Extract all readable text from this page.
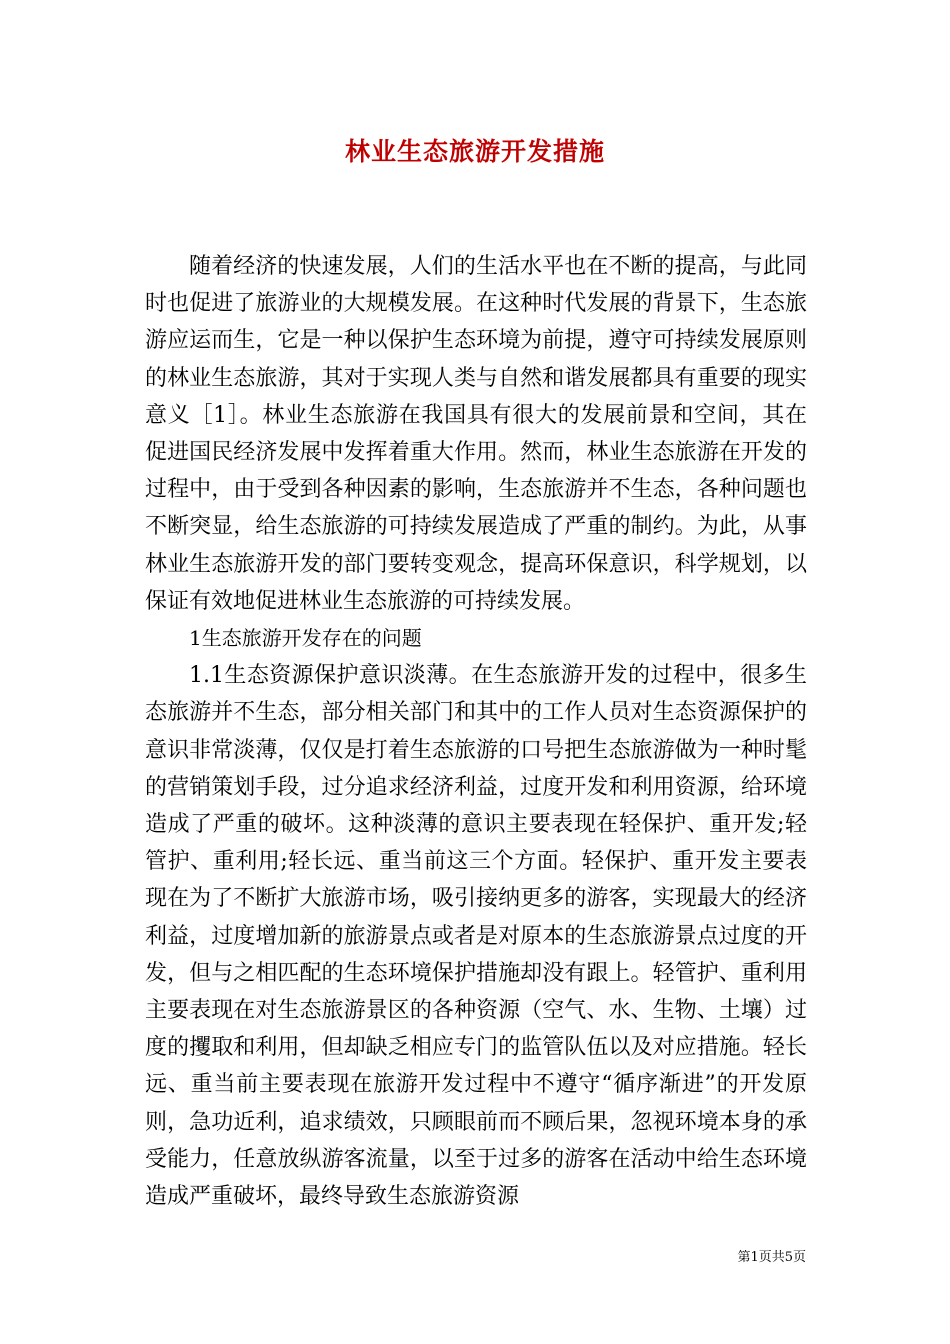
林业生态旅游开发措施

随着经济的快速发展，人们的生活水平也在不断的提高，与此同时也促进了旅游业的大规模发展。在这种时代发展的背景下，生态旅游应运而生，它是一种以保护生态环境为前提，遵守可持续发展原则的林业生态旅游，其对于实现人类与自然和谐发展都具有重要的现实意义［1］。林业生态旅游在我国具有很大的发展前景和空间，其在促进国民经济发展中发挥着重大作用。然而，林业生态旅游在开发的过程中，由于受到各种因素的影响，生态旅游并不生态，各种问题也不断突显，给生态旅游的可持续发展造成了严重的制约。为此，从事林业生态旅游开发的部门要转变观念，提高环保意识，科学规划，以保证有效地促进林业生态旅游的可持续发展。

1生态旅游开发存在的问题

1.1生态资源保护意识淡薄。在生态旅游开发的过程中，很多生态旅游并不生态，部分相关部门和其中的工作人员对生态资源保护的意识非常淡薄，仅仅是打着生态旅游的口号把生态旅游做为一种时髦的营销策划手段，过分追求经济利益，过度开发和利用资源，给环境造成了严重的破坏。这种淡薄的意识主要表现在轻保护、重开发;轻管护、重利用;轻长远、重当前这三个方面。轻保护、重开发主要表现在为了不断扩大旅游市场，吸引接纳更多的游客，实现最大的经济利益，过度增加新的旅游景点或者是对原本的生态旅游景点过度的开发，但与之相匹配的生态环境保护措施却没有跟上。轻管护、重利用主要表现在对生态旅游景区的各种资源（空气、水、生物、土壤）过度的攫取和利用，但却缺乏相应专门的监管队伍以及对应措施。轻长远、重当前主要表现在旅游开发过程中不遵守“循序渐进”的开发原则，急功近利，追求绩效，只顾眼前而不顾后果，忽视环境本身的承受能力，任意放纵游客流量，以至于过多的游客在活动中给生态环境造成严重破坏，最终导致生态旅游资源

第1页共5页
